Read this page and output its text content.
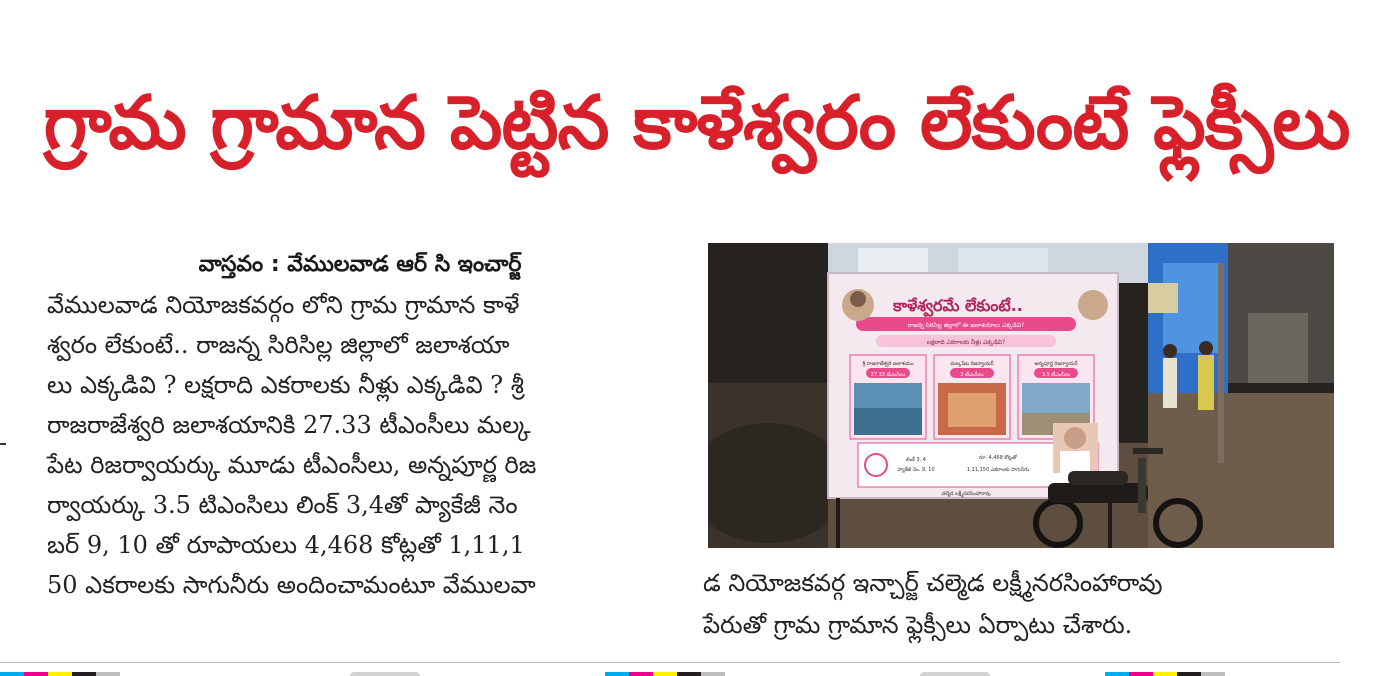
గ్రామ గ్రామాన పెట్టిన కాళేశ్వరం లేకుంటే ఫ్లెక్సీలు
వాస్తవం : వేములవాడ ఆర్ సి ఇంచార్జ్
వేములవాడ నియోజకవర్గం లోని గ్రామ గ్రామాన కాళే
శ్వరం లేకుంటే.. రాజన్న సిరిసిల్ల జిల్లాలో జలాశయా
లు ఎక్కడివి ? లక్షరాది ఎకరాలకు నీళ్లు ఎక్కడివి ? శ్రీ
రాజరాజేశ్వరి జలాశయానికి 27.33 టీఎంసీలు మల్క
పేట రిజర్వాయర్కు మూడు టీఎంసీలు, అన్నపూర్ణ రిజ
ర్వాయర్కు 3.5 టిఎంసిలు లింక్ 3,4తో ప్యాకేజీ నెం
బర్ 9, 10 తో రూపాయలు 4,468 కోట్లతో 1,11,1
50 ఎకరాలకు సాగునీరు అందించామంటూ వేములవా
కాళేశ్వరమే లేకుంటే..
రాజన్న సిరిసిల్ల జిల్లాలో ఈ జలాశయాలు ఎక్కడివి?
లక్షలాది ఎకరాలకు నీళ్లు ఎక్కడివి?
శ్రీ రాజరాజేశ్వరి జలాశయం
27.33 టీఎంసీలు
మల్కపేట రిజర్వాయర్
3 టీఎంసీలు
అన్నపూర్ణ రిజర్వాయర్
3.5 టీఎంసీలు
లింక్ 3, 4
ప్యాకేజీ నెం. 9, 10
రూ. 4,468 కోట్లతో
1,11,150 ఎకరాలకు సాగునీరు
చల్మెడ లక్ష్మీనరసింహారావు
డ నియోజకవర్గ ఇన్చార్జ్ చల్మెడ లక్ష్మీనరసింహారావు
పేరుతో గ్రామ గ్రామాన ఫ్లెక్సీలు ఏర్పాటు చేశారు.
